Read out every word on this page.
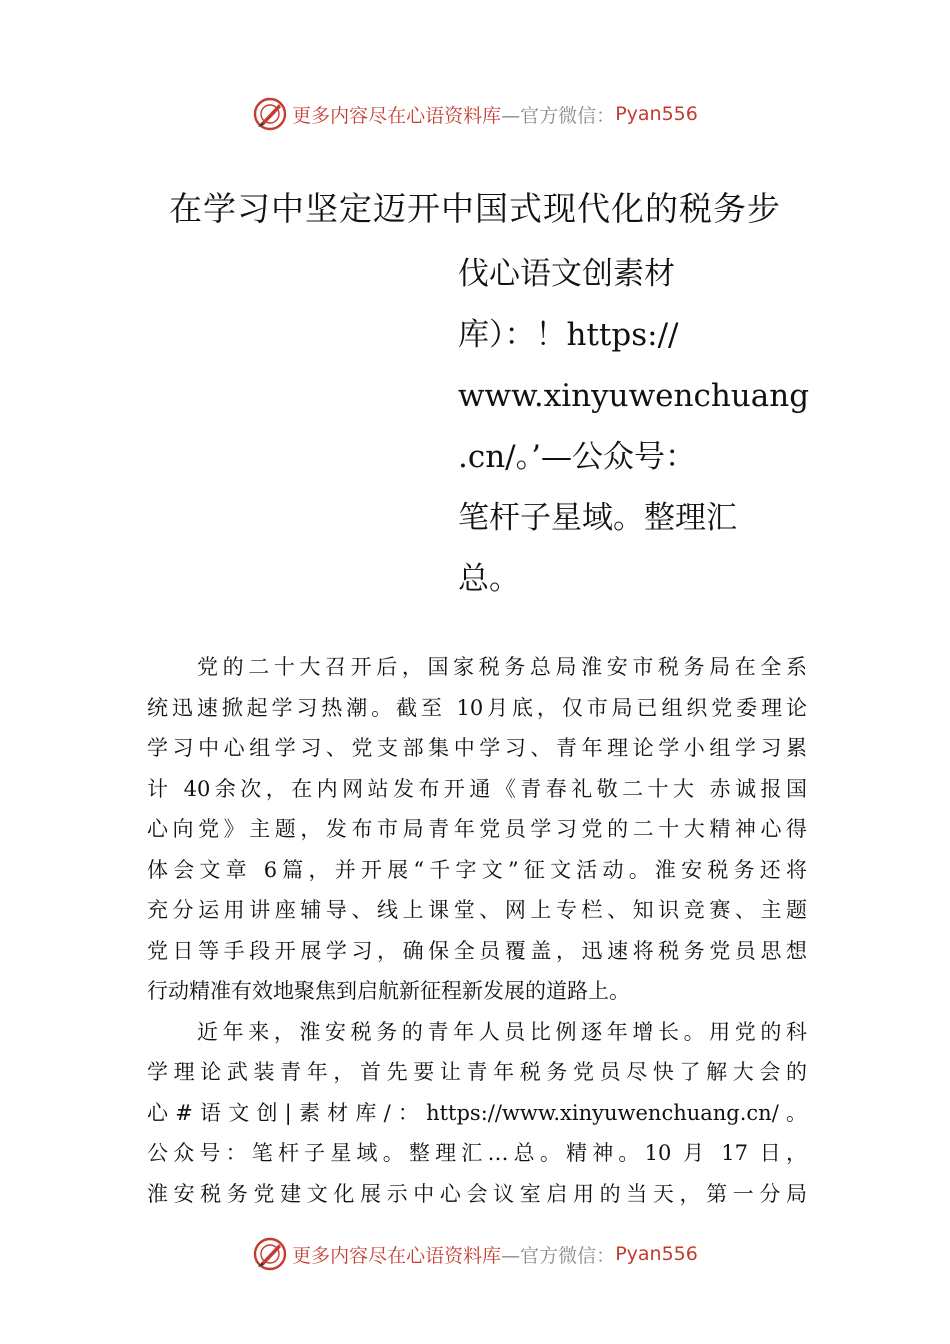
更多内容尽在心语资料库 —官方微信： Pyan556
在学习中坚定迈开中国式现代化的税务步
伐心语文创素材
库）：！https://
www.xinyuwenchuang
.cn/。’—公众号：
笔杆子星域。整理汇
总。
党的二十大召开后，国家税务总局淮安市税务局在全系
统迅速掀起学习热潮。截至 10月底，仅市局已组织党委理论
学习中心组学习、党支部集中学习、青年理论学小组学习累
计 40余次，在内网站发布开通《青春礼敬二十大 赤诚报国
心向党》主题，发布市局青年党员学习党的二十大精神心得
体会文章 6篇，并开展“千字文”征文活动。淮安税务还将
充分运用讲座辅导、线上课堂、网上专栏、知识竞赛、主题
党日等手段开展学习，确保全员覆盖，迅速将税务党员思想
行动精准有效地聚焦到启航新征程新发展的道路上。
近年来，淮安税务的青年人员比例逐年增长。用党的科
学理论武装青年，首先要让青年税务党员尽快了解大会的
心#语文创|素材库/：https://www.xinyuwenchuang.cn/。
公众号：笔杆子星域。整理汇…总。精神。10 月 17 日，
淮安税务党建文化展示中心会议室启用的当天，第一分局
更多内容尽在心语资料库 —官方微信： Pyan556
